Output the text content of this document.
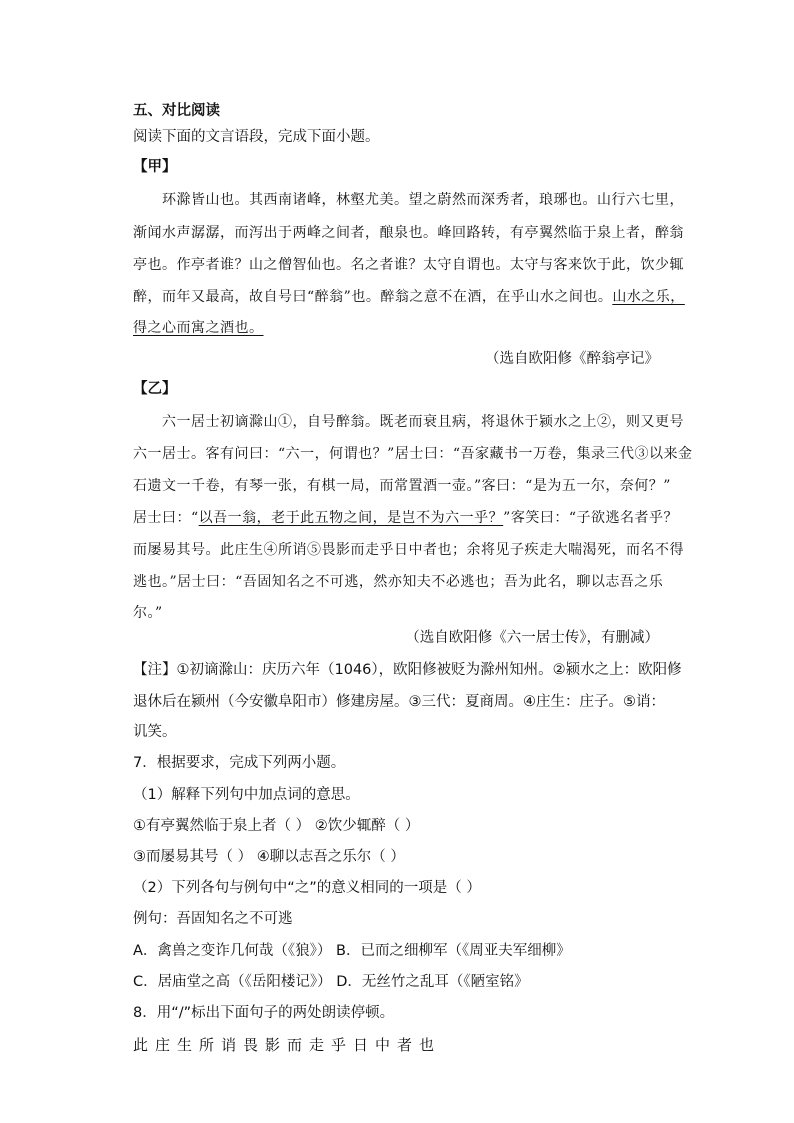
五、对比阅读
阅读下面的文言语段，完成下面小题。
【甲】
环滁皆山也。其西南诸峰，林壑尤美。望之蔚然而深秀者，琅琊也。山行六七里，
渐闻水声潺潺，而泻出于两峰之间者，酿泉也。峰回路转，有亭翼然临于泉上者，醉翁
亭也。作亭者谁？山之僧智仙也。名之者谁？太守自谓也。太守与客来饮于此，饮少辄
醉，而年又最高，故自号曰“醉翁”也。醉翁之意不在酒，在乎山水之间也。山水之乐，
得之心而寓之酒也。
（选自欧阳修《醉翁亭记》
【乙】
六一居士初谪滁山①，自号醉翁。既老而衰且病，将退休于颍水之上②，则又更号
六一居士。客有问曰：“六一，何谓也？”居士曰：“吾家藏书一万卷，集录三代③以来金
石遗文一千卷，有琴一张，有棋一局，而常置酒一壶。”客曰：“是为五一尔，奈何？”
居士曰：“以吾一翁，老于此五物之间，是岂不为六一乎？”客笑曰：“子欲逃名者乎？
而屡易其号。此庄生④所诮⑤畏影而走乎日中者也；余将见子疾走大喘渴死，而名不得
逃也。”居士曰：“吾固知名之不可逃，然亦知夫不必逃也；吾为此名，聊以志吾之乐
尔。”
（选自欧阳修《六一居士传》，有删减）
【注】①初谪滁山：庆历六年（1046），欧阳修被贬为滁州知州。②颍水之上：欧阳修
退休后在颍州（今安徽阜阳市）修建房屋。③三代：夏商周。④庄生：庄子。⑤诮：
讥笑。
7．根据要求，完成下列两小题。
（1）解释下列句中加点词的意思。
①有亭翼然临于泉上者（ ） ②饮少辄醉（ ）
③而屡易其号（ ） ④聊以志吾之乐尔（ ）
（2）下列各句与例句中“之”的意义相同的一项是（ ）
例句：吾固知名之不可逃
A．禽兽之变诈几何哉（《狼》） B．已而之细柳军（《周亚夫军细柳》
C．居庙堂之高（《岳阳楼记》） D．无丝竹之乱耳（《陋室铭》
8．用“/”标出下面句子的两处朗读停顿。
此庄生所诮畏影而走乎日中者也
